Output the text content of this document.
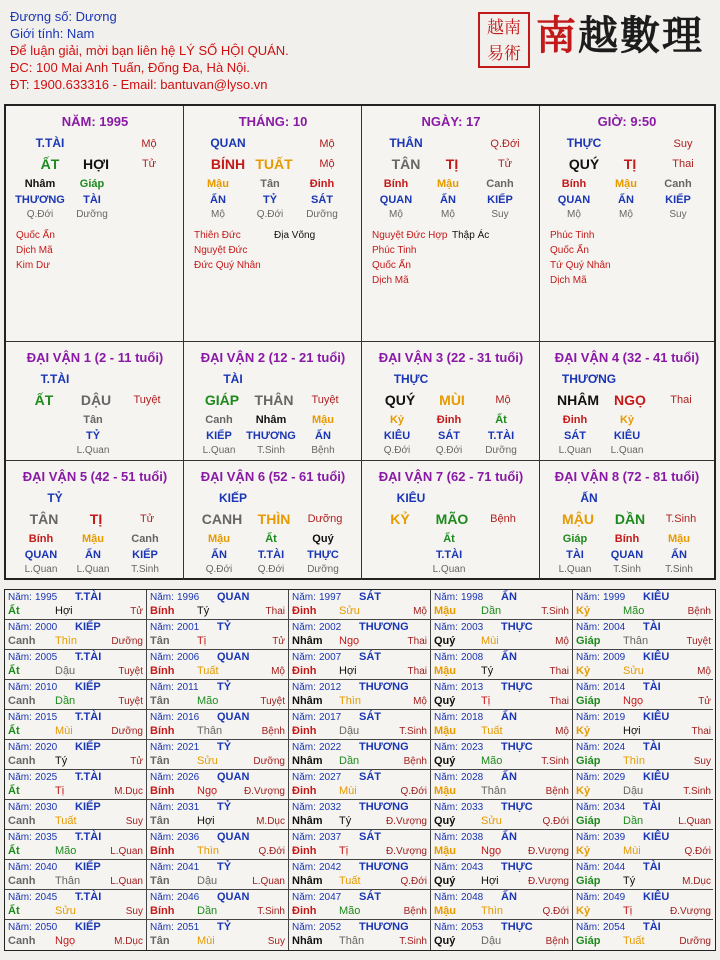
Đương số: Dương
Giới tính: Nam
Để luận giải, mời bạn liên hệ LÝ SỐ HỘI QUÁN.
ĐC: 100 Mai Anh Tuấn, Đống Đa, Hà Nội.
ĐT: 1900.633316 - Email: bantuvan@lyso.vn
越南易術 南越數理
NĂM: 1995
T.TÀI	Mộ
ẤT	HỢI	Tử
Nhâm	Giáp
THƯƠNG	TÀI
Q.Đới	Dưỡng
Quốc Ấn
Dịch Mã
Kim Dư
THÁNG: 10
QUAN	Mộ
BÍNH TUẤT	Mộ
Mậu	Tân	Đinh
ẤN	TỶ	SÁT
Mộ	Q.Đới	Dưỡng
Thiên Đức
Nguyệt Đức
Đức Quý Nhân
Địa Võng
NGÀY: 17
THÂN	Q.Đới
TÂN	TỊ	Tử
Bính	Mậu	Canh
QUAN	ẤN	KIẾP
Mộ	Mộ	Suy
Nguyệt Đức Hợp
Phúc Tinh
Quốc Ấn
Dịch Mã
Thập Ác
GIỜ: 9:50
THỰC	Suy
QUÝ	TỊ	Thai
Bính	Mậu	Canh
QUAN	ẤN	KIẾP
Mộ	Mộ	Suy
Phúc Tinh
Quốc Ấn
Tứ Quý Nhân
Dịch Mã
ĐẠI VẬN 1 (2 - 11 tuổi)
T.TÀI
ẤT	DẬU	Tuyệt
Tân
TỶ
L.Quan
ĐẠI VẬN 2 (12 - 21 tuổi)
TÀI
GIÁP	THÂN	Tuyệt
Canh	Nhâm	Mậu
KIẾP	THƯƠNG	ẤN
L.Quan	T.Sinh	Bệnh
ĐẠI VẬN 3 (22 - 31 tuổi)
THỰC
QUÝ	MÙI	Mộ
Kỷ	Đinh	Ất
KIÊU	SÁT	T.TÀI
Q.Đới	Q.Đới	Dưỡng
ĐẠI VẬN 4 (32 - 41 tuổi)
THƯƠNG
NHÂM	NGỌ	Thai
Đinh	Kỷ
SÁT	KIÊU
L.Quan	L.Quan
ĐẠI VẬN 5 (42 - 51 tuổi)
TỶ
TÂN	TỊ	Tử
Bính	Mậu	Canh
QUAN	ẤN	KIẾP
L.Quan	L.Quan	T.Sinh
ĐẠI VẬN 6 (52 - 61 tuổi)
KIẾP
CANH	THÌN	Dưỡng
Mậu	Ất	Quý
ẤN	T.TÀI	THỰC
Q.Đới	Q.Đới	Dưỡng
ĐẠI VẬN 7 (62 - 71 tuổi)
KIÊU
KỶ	MÃO	Bệnh
Ất
T.TÀI
L.Quan
ĐẠI VẬN 8 (72 - 81 tuổi)
ẤN
MẬU	DẦN	T.Sinh
Giáp	Bính	Mậu
TÀI	QUAN	ẤN
L.Quan	T.Sinh	T.Sinh
Năm: 1995 T.TÀI
Ất	Hợi	Tử
Năm: 1996 QUAN
Bính Tý	Thai
Năm: 1997 SÁT
Đinh Sửu	Mộ
Năm: 1998 ẤN
Mậu Dần	T.Sinh
Năm: 1999 KIÊU
Kỷ	Mão	Bệnh
Năm: 2000 KIẾP
Canh Thìn	Dưỡng
Năm: 2001 TỶ
Tân Tị	Tử
Năm: 2002 THƯƠNG
Nhâm Ngọ	Thai
Năm: 2003 THỰC
Quý Mùi	Mộ
Năm: 2004 TÀI
Giáp Thân	Tuyệt
Năm: 2005 T.TÀI
Ất	Dậu	Tuyệt
Năm: 2006 QUAN
Bính Tuất	Mộ
Năm: 2007 SÁT
Đinh Hợi	Thai
Năm: 2008 ẤN
Mậu Tý	Thai
Năm: 2009 KIÊU
Kỷ	Sửu	Mộ
Năm: 2010 KIẾP
Canh Dần	Tuyệt
Năm: 2011 TỶ
Tân Mão	Tuyệt
Năm: 2012 THƯƠNG
Nhâm Thìn	Mộ
Năm: 2013 THỰC
Quý Tị	Thai
Năm: 2014 TÀI
Giáp Ngọ	Tử
Năm: 2015 T.TÀI
Ất	Mùi	Dưỡng
Năm: 2016 QUAN
Bính Thân	Bệnh
Năm: 2017 SÁT
Đinh Dậu	T.Sinh
Năm: 2018 ẤN
Mậu Tuất	Mộ
Năm: 2019 KIÊU
Kỷ	Hợi	Thai
Năm: 2020 KIẾP
Canh Tý	Tử
Năm: 2021 TỶ
Tân Sửu	Dưỡng
Năm: 2022 THƯƠNG
Nhâm Dần	Bệnh
Năm: 2023 THỰC
Quý Mão	T.Sinh
Năm: 2024 TÀI
Giáp Thìn	Suy
Năm: 2025 T.TÀI
Ất	Tị	M.Dục
Năm: 2026 QUAN
Bính Ngọ	Đ.Vượng
Năm: 2027 SÁT
Đinh Mùi	Q.Đới
Năm: 2028 ẤN
Mậu Thân	Bệnh
Năm: 2029 KIÊU
Kỷ	Dậu	T.Sinh
Năm: 2030 KIẾP
Canh Tuất	Suy
Năm: 2031 TỶ
Tân Hợi	M.Dục
Năm: 2032 THƯƠNG
Nhâm Tý	Đ.Vượng
Năm: 2033 THỰC
Quý Sửu	Q.Đới
Năm: 2034 TÀI
Giáp Dần	L.Quan
Năm: 2035 T.TÀI
Ất	Mão	L.Quan
Năm: 2036 QUAN
Bính Thìn	Q.Đới
Năm: 2037 SÁT
Đinh Tị	Đ.Vượng
Năm: 2038 ẤN
Mậu Ngọ	Đ.Vượng
Năm: 2039 KIÊU
Kỷ	Mùi	Q.Đới
Năm: 2040 KIẾP
Canh Thân	L.Quan
Năm: 2041 TỶ
Tân Dậu	L.Quan
Năm: 2042 THƯƠNG
Nhâm Tuất	Q.Đới
Năm: 2043 THỰC
Quý Hợi	Đ.Vượng
Năm: 2044 TÀI
Giáp Tý	M.Dục
Năm: 2045 T.TÀI
Ất	Sửu	Suy
Năm: 2046 QUAN
Bính Dần	T.Sinh
Năm: 2047 SÁT
Đinh Mão	Bệnh
Năm: 2048 ẤN
Mậu Thìn	Q.Đới
Năm: 2049 KIÊU
Kỷ	Tị	Đ.Vượng
Năm: 2050 KIẾP
Canh Ngọ	M.Dục
Năm: 2051 TỶ
Tân Mùi	Suy
Năm: 2052 THƯƠNG
Nhâm Thân	T.Sinh
Năm: 2053 THỰC
Quý Dậu	Bệnh
Năm: 2054 TÀI
Giáp Tuất	Dưỡng
